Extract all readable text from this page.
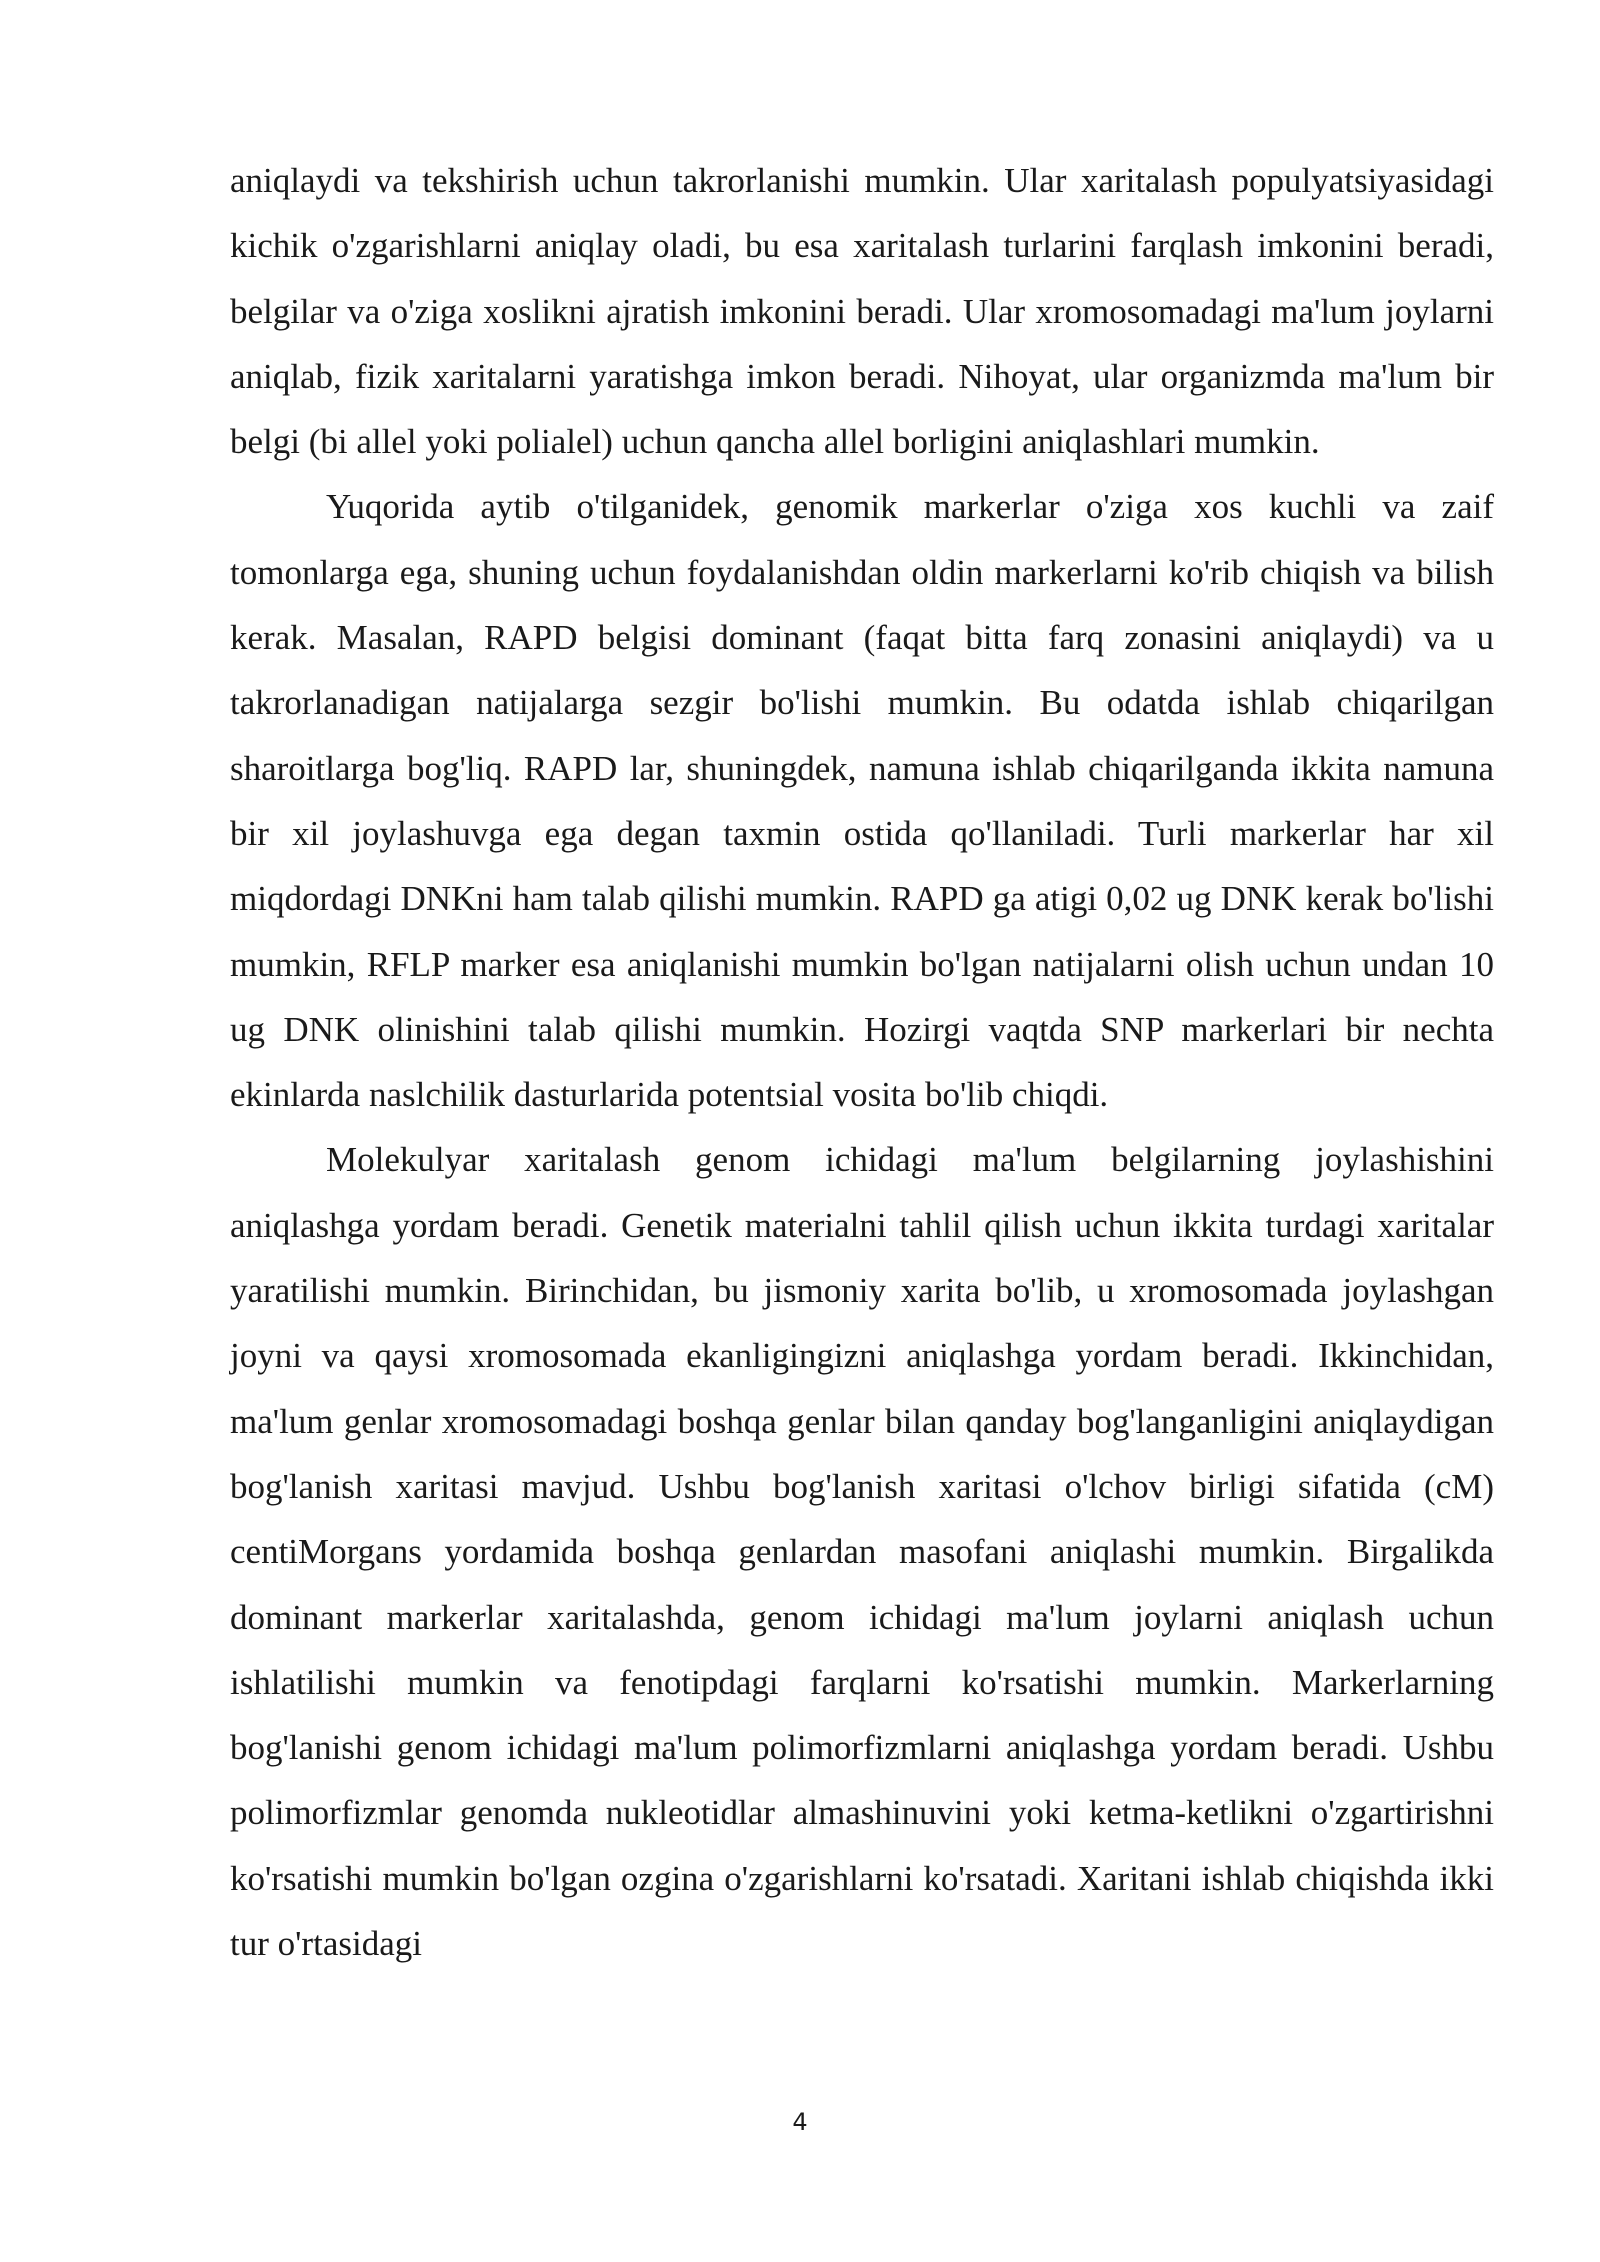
aniqlaydi va tekshirish uchun takrorlanishi mumkin. Ular xaritalash populyatsiyasidagi kichik o'zgarishlarni aniqlay oladi, bu esa xaritalash turlarini farqlash imkonini beradi, belgilar va o'ziga xoslikni ajratish imkonini beradi. Ular xromosomadagi ma'lum joylarni aniqlab, fizik xaritalarni yaratishga imkon beradi. Nihoyat, ular organizmda ma'lum bir belgi (bi allel yoki polialel) uchun qancha allel borligini aniqlashlari mumkin.

Yuqorida aytib o'tilganidek, genomik markerlar o'ziga xos kuchli va zaif tomonlarga ega, shuning uchun foydalanishdan oldin markerlarni ko'rib chiqish va bilish kerak. Masalan, RAPD belgisi dominant (faqat bitta farq zonasini aniqlaydi) va u takrorlanadigan natijalarga sezgir bo'lishi mumkin. Bu odatda ishlab chiqarilgan sharoitlarga bog'liq. RAPD lar, shuningdek, namuna ishlab chiqarilganda ikkita namuna bir xil joylashuvga ega degan taxmin ostida qo'llaniladi. Turli markerlar har xil miqdordagi DNKni ham talab qilishi mumkin. RAPD ga atigi 0,02 ug DNK kerak bo'lishi mumkin, RFLP marker esa aniqlanishi mumkin bo'lgan natijalarni olish uchun undan 10 ug DNK olinishini talab qilishi mumkin. Hozirgi vaqtda SNP markerlari bir nechta ekinlarda naslchilik dasturlarida potentsial vosita bo'lib chiqdi.

Molekulyar xaritalash genom ichidagi ma'lum belgilarning joylashishini aniqlashga yordam beradi. Genetik materialni tahlil qilish uchun ikkita turdagi xaritalar yaratilishi mumkin. Birinchidan, bu jismoniy xarita bo'lib, u xromosomada joylashgan joyni va qaysi xromosomada ekanligingizni aniqlashga yordam beradi. Ikkinchidan, ma'lum genlar xromosomadagi boshqa genlar bilan qanday bog'langanligini aniqlaydigan bog'lanish xaritasi mavjud. Ushbu bog'lanish xaritasi o'lchov birligi sifatida (cM) centiMorgans yordamida boshqa genlardan masofani aniqlashi mumkin. Birgalikda dominant markerlar xaritalashda, genom ichidagi ma'lum joylarni aniqlash uchun ishlatilishi mumkin va fenotipdagi farqlarni ko'rsatishi mumkin. Markerlarning bog'lanishi genom ichidagi ma'lum polimorfizmlarni aniqlashga yordam beradi. Ushbu polimorfizmlar genomda nukleotidlar almashinuvini yoki ketma-ketlikni o'zgartirishni ko'rsatishi mumkin bo'lgan ozgina o'zgarishlarni ko'rsatadi. Xaritani ishlab chiqishda ikki tur o'rtasidagi

4
